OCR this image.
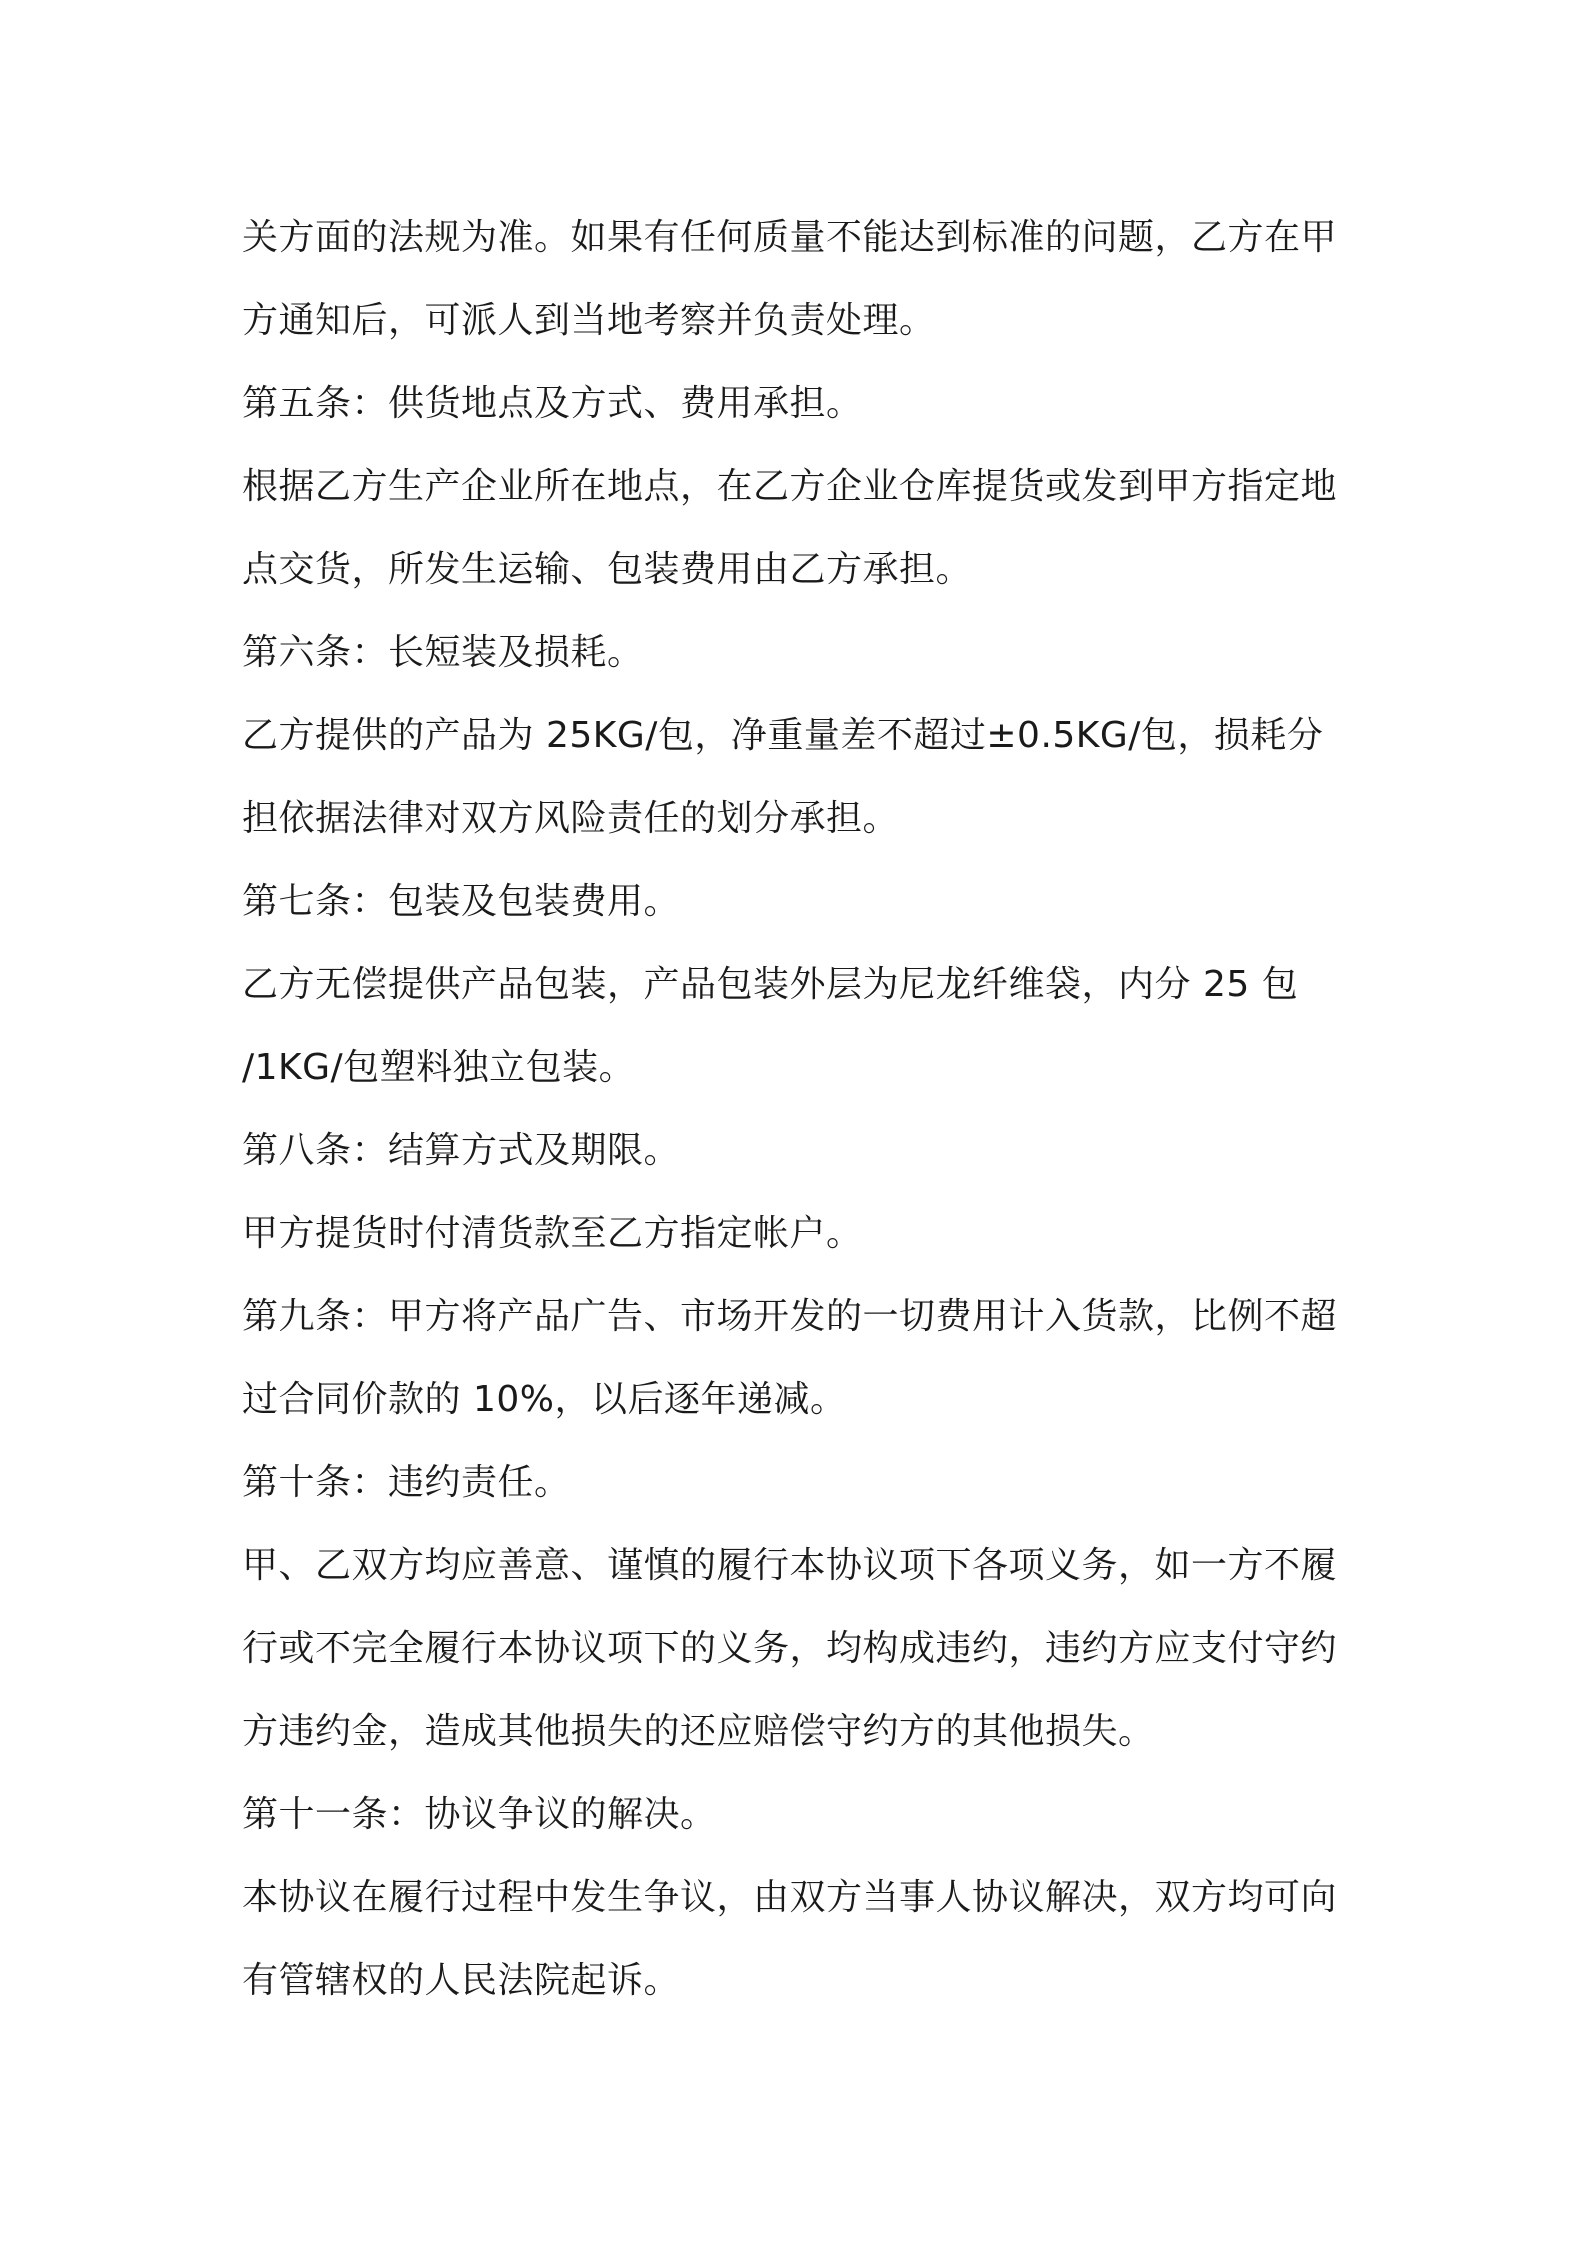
关方面的法规为准。如果有任何质量不能达到标准的问题，乙方在甲
方通知后，可派人到当地考察并负责处理。
第五条：供货地点及方式、费用承担。
根据乙方生产企业所在地点，在乙方企业仓库提货或发到甲方指定地
点交货，所发生运输、包装费用由乙方承担。
第六条：长短装及损耗。
乙方提供的产品为 25KG/包，净重量差不超过±0.5KG/包，损耗分
担依据法律对双方风险责任的划分承担。
第七条：包装及包装费用。
乙方无偿提供产品包装，产品包装外层为尼龙纤维袋，内分 25 包
/1KG/包塑料独立包装。
第八条：结算方式及期限。
甲方提货时付清货款至乙方指定帐户。
第九条：甲方将产品广告、市场开发的一切费用计入货款，比例不超
过合同价款的 10%，以后逐年递减。
第十条：违约责任。
甲、乙双方均应善意、谨慎的履行本协议项下各项义务，如一方不履
行或不完全履行本协议项下的义务，均构成违约，违约方应支付守约
方违约金，造成其他损失的还应赔偿守约方的其他损失。
第十一条：协议争议的解决。
本协议在履行过程中发生争议，由双方当事人协议解决，双方均可向
有管辖权的人民法院起诉。
